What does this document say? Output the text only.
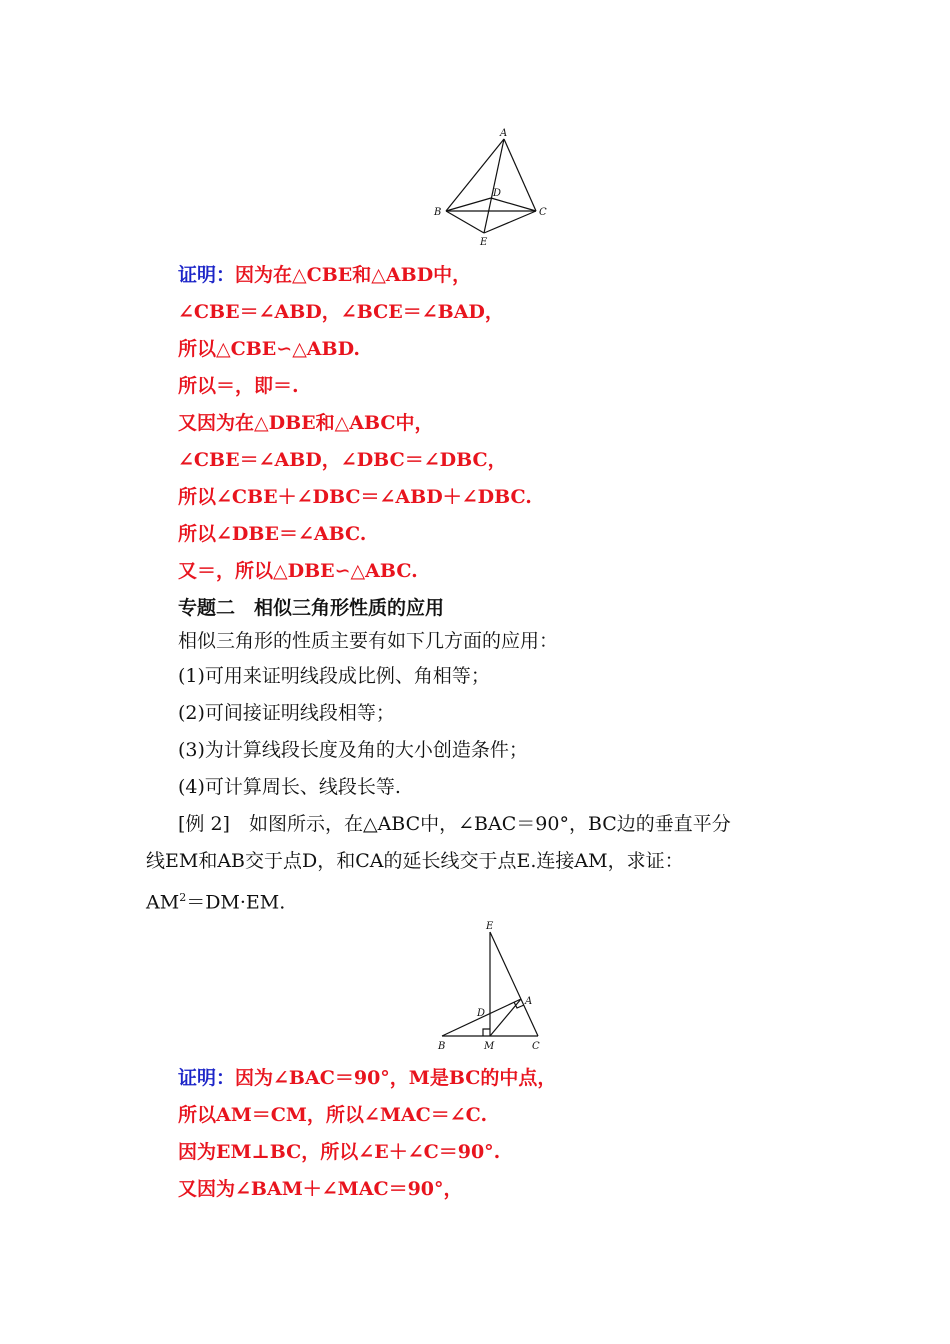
A
B	C
D
E
证明：因为在△CBE和△ABD中，
∠CBE＝∠ABD，∠BCE＝∠BAD，
所以△CBE∽△ABD.
所以＝，即＝.
又因为在△DBE和△ABC中，
∠CBE＝∠ABD，∠DBC＝∠DBC，
所以∠CBE＋∠DBC＝∠ABD＋∠DBC.
所以∠DBE＝∠ABC.
又＝，所以△DBE∽△ABC.
专题二　相似三角形性质的应用
相似三角形的性质主要有如下几方面的应用：
(1)可用来证明线段成比例、角相等；
(2)可间接证明线段相等；
(3)为计算线段长度及角的大小创造条件；
(4)可计算周长、线段长等.
[例 2]　如图所示，在△ABC中，∠BAC＝90°，BC边的垂直平分
线EM和AB交于点D，和CA的延长线交于点E.连接AM，求证：
$AM^2=DM\cdot EM$.
E
A
D
B	M	C
证明：因为∠BAC＝90°，M是BC的中点，
所以AM＝CM，所以∠MAC＝∠C.
因为EM⊥BC，所以∠E＋∠C＝90°.
又因为∠BAM＋∠MAC＝90°，
